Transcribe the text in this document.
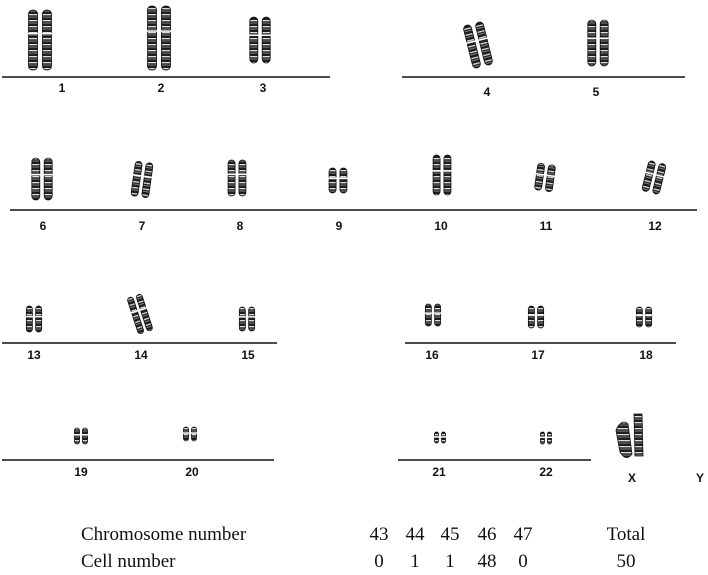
1	2	3	4	5
6	7	8	9	10	11	12
13	14	15	16	17	18
19	20	21	22	X	Y
Chromosome number	43 44 45 46 47	Total
Cell number	0	1	1	48	0	50
